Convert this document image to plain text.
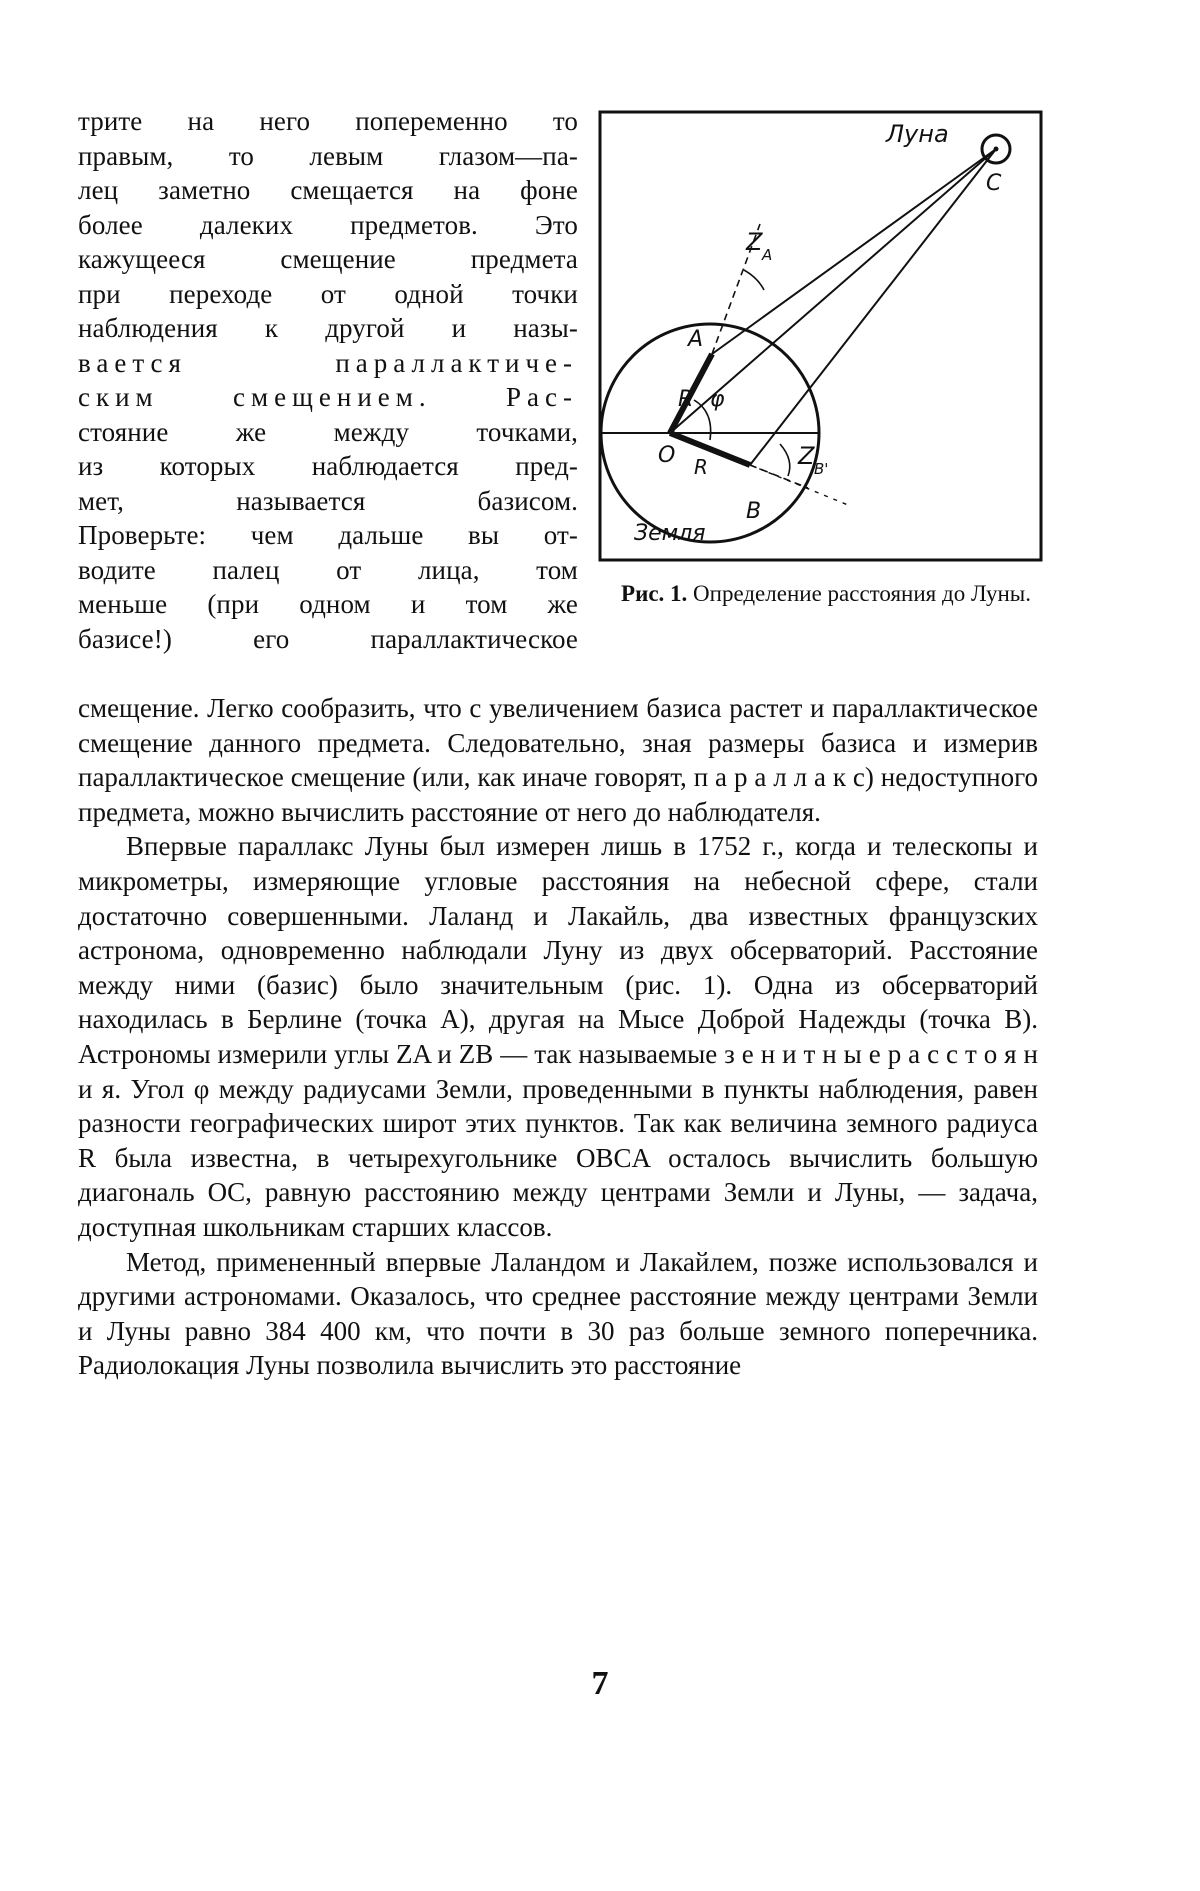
трите на него попеременно то
правым, то левым глазом—па-
лец заметно смещается на фоне
более далеких предметов. Это
кажущееся смещение предмета
при переходе от одной точки
наблюдения к другой и назы-
вается параллактиче-
ским смещением. Рас-
стояние же между точками,
из которых наблюдается пред-
мет, называется базисом.
Проверьте: чем дальше вы от-
водите палец от лица, том
меньше (при одном и том же
базисе!) его параллактическое
Луна
C
Z A
A
R φ
O R	Z B'
B
Земля
Рис. 1. Определение расстояния до Луны.

смещение. Легко сообразить, что с увеличением базиса растет и параллактическое смещение данного предмета. Следовательно, зная размеры базиса и измерив параллактическое смещение (или, как иначе говорят, п а р а л л а к с) недоступного предмета, можно вычислить расстояние от него до наблюдателя.

Впервые параллакс Луны был измерен лишь в 1752 г., когда и телескопы и микрометры, измеряющие угловые расстояния на небесной сфере, стали достаточно совершенными. Лаланд и Лакайль, два известных французских астронома, одновременно наблюдали Луну из двух обсерваторий. Расстояние между ними (базис) было значительным (рис. 1). Одна из обсерваторий находилась в Берлине (точка A), другая на Мысе Доброй Надежды (точка B). Астрономы измерили углы ZA и ZB — так называемые з е н и т н ы е р а с с т о я н и я. Угол φ между радиусами Земли, проведенными в пункты наблюдения, равен разности географических широт этих пунктов. Так как величина земного радиуса R была известна, в четырехугольнике OBCA осталось вычислить большую диагональ OC, равную расстоянию между центрами Земли и Луны, — задача, доступная школьникам старших классов.

Метод, примененный впервые Лаландом и Лакайлем, позже использовался и другими астрономами. Оказалось, что среднее расстояние между центрами Земли и Луны равно 384 400 км, что почти в 30 раз больше земного поперечника. Радиолокация Луны позволила вычислить это расстояние

7
